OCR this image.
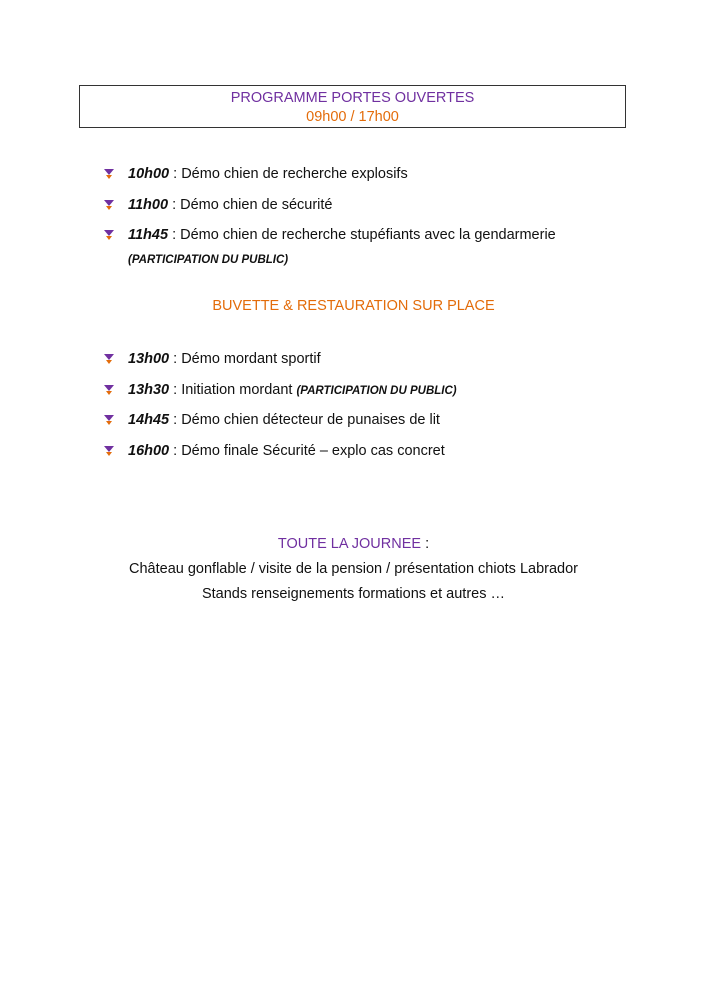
PROGRAMME PORTES OUVERTES
09h00 / 17h00
10h00 : Démo chien de recherche explosifs
11h00 : Démo chien de sécurité
11h45 : Démo chien de recherche stupéfiants avec la gendarmerie
(PARTICIPATION DU PUBLIC)
BUVETTE & RESTAURATION SUR PLACE
13h00 : Démo mordant sportif
13h30 : Initiation mordant (PARTICIPATION DU PUBLIC)
14h45 : Démo chien détecteur de punaises de lit
16h00 : Démo finale Sécurité – explo cas concret
TOUTE LA JOURNEE :
Château gonflable / visite de la pension / présentation chiots Labrador
Stands renseignements formations et autres …
